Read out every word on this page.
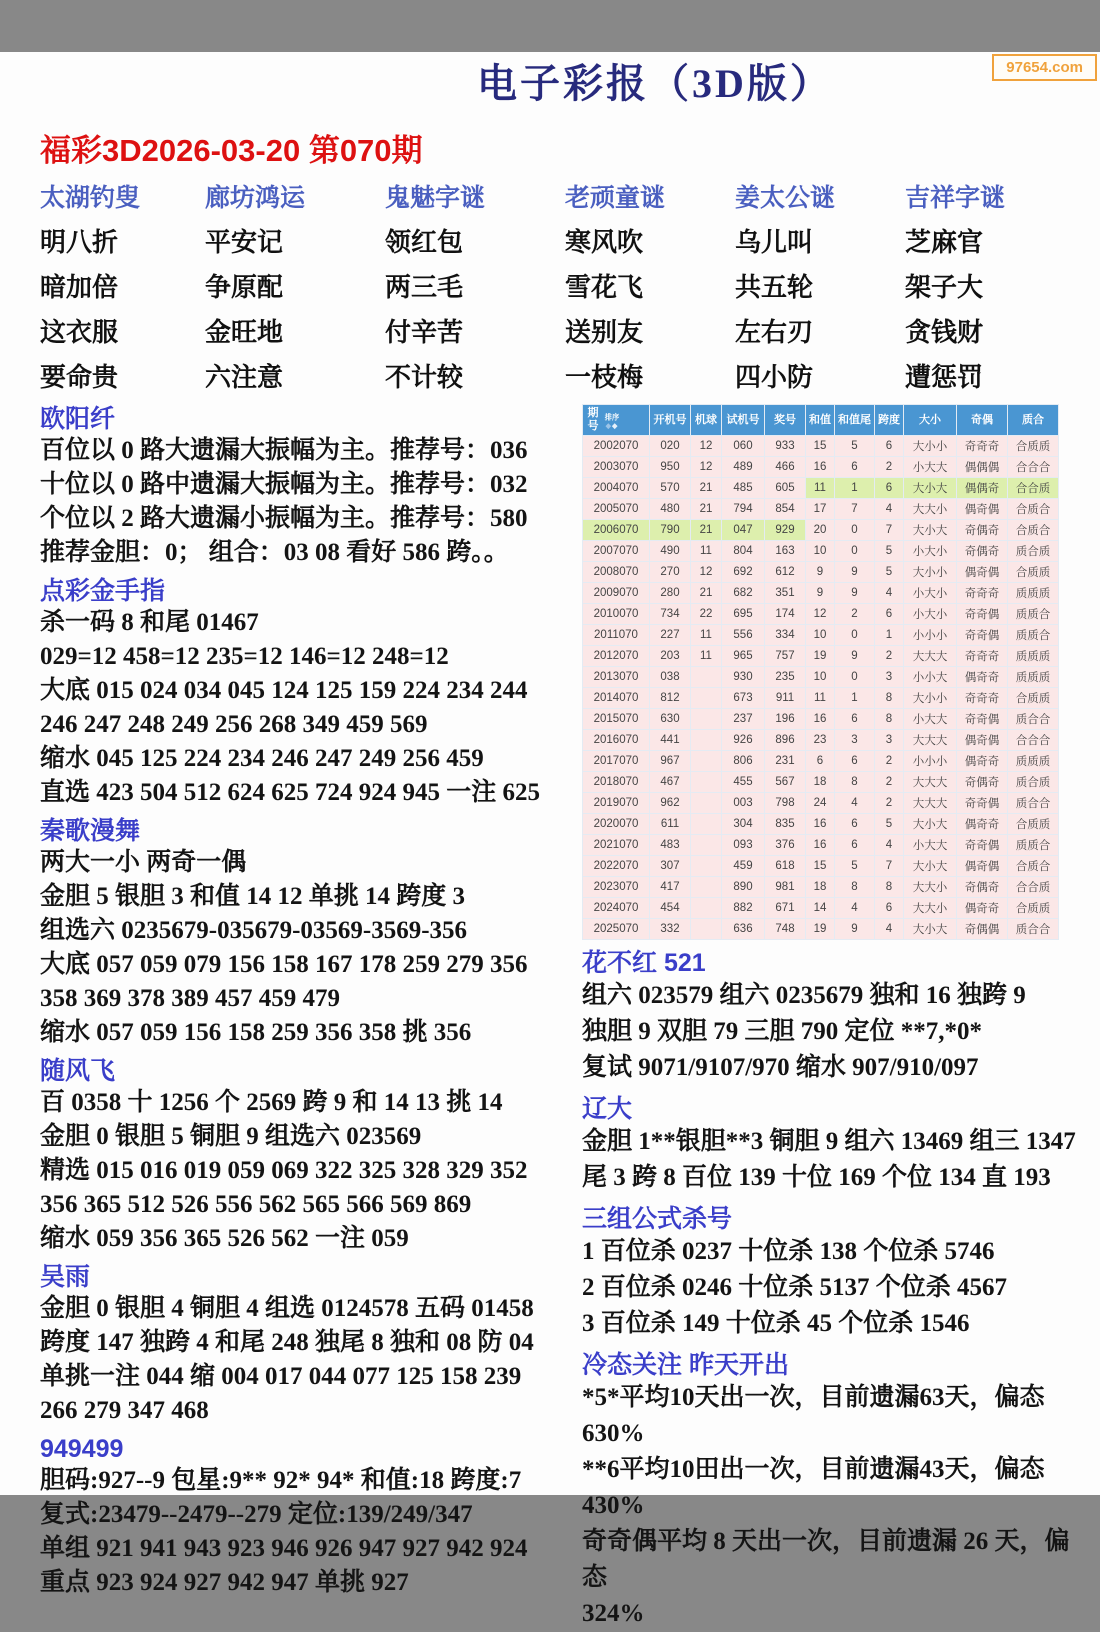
97654.com
电子彩报（3D版）
福彩3D2026-03-20 第070期
太湖钓叟
明八折
暗加倍
这衣服
要命贵
廊坊鸿运
平安记
争原配
金旺地
六注意
鬼魅字谜
领红包
两三毛
付辛苦
不计较
老顽童谜
寒风吹
雪花飞
送别友
一枝梅
姜太公谜
乌儿叫
共五轮
左右刃
四小防
吉祥字谜
芝麻官
架子大
贪钱财
遭惩罚
欧阳纤
百位以 0 路大遗漏大振幅为主。推荐号：036
十位以 0 路中遗漏大振幅为主。推荐号：032
个位以 2 路大遗漏小振幅为主。推荐号：580
推荐金胆：0； 组合：03 08 看好 586 跨。。
点彩金手指
杀一码 8 和尾 01467
029=12 458=12 235=12 146=12 248=12
大底 015 024 034 045 124 125 159 224 234 244
246 247 248 249 256 268 349 459 569
缩水 045 125 224 234 246 247 249 256 459
直选 423 504 512 624 625 724 924 945 一注 625
秦歌漫舞
两大一小 两奇一偶
金胆 5 银胆 3 和值 14 12 单挑 14 跨度 3
组选六 0235679-035679-03569-3569-356
大底 057 059 079 156 158 167 178 259 279 356
358 369 378 389 457 459 479
缩水 057 059 156 158 259 356 358 挑 356
随风飞
百 0358 十 1256 个 2569 跨 9 和 14 13 挑 14
金胆 0 银胆 5 铜胆 9 组选六 023569
精选 015 016 019 059 069 322 325 328 329 352
356 365 512 526 556 562 565 566 569 869
缩水 059 356 365 526 562 一注 059
吴雨
金胆 0 银胆 4 铜胆 4 组选 0124578 五码 01458
跨度 147 独跨 4 和尾 248 独尾 8 独和 08 防 04
单挑一注 044 缩 004 017 044 077 125 158 239
266 279 347 468
949499
胆码:927--9 包星:9** 92* 94* 和值:18 跨度:7
复式:23479--2479--279 定位:139/249/347
单组 921 941 943 923 946 926 947 927 942 924
重点 923 924 927 942 947 单挑 927
期号
排序
◆◆	开机号	机球	试机号	奖号	和值	和值尾	跨度	大小	奇偶	质合
2002070	020	12	060	933	15	5	6	大小小	奇奇奇	合质质
2003070	950	12	489	466	16	6	2	小大大	偶偶偶	合合合
2004070	570	21	485	605	11	1	6	大小大	偶偶奇	合合质
2005070	480	21	794	854	17	7	4	大大小	偶奇偶	合质合
2006070	790	21	047	929	20	0	7	大小大	奇偶奇	合质合
2007070	490	11	804	163	10	0	5	小大小	奇偶奇	质合质
2008070	270	12	692	612	9	9	5	大小小	偶奇偶	合质质
2009070	280	21	682	351	9	9	4	小大小	奇奇奇	质质质
2010070	734	22	695	174	12	2	6	小大小	奇奇偶	质质合
2011070	227	11	556	334	10	0	1	小小小	奇奇偶	质质合
2012070	203	11	965	757	19	9	2	大大大	奇奇奇	质质质
2013070	038		930	235	10	0	3	小小大	偶奇奇	质质质
2014070	812		673	911	11	1	8	大小小	奇奇奇	合质质
2015070	630		237	196	16	6	8	小大大	奇奇偶	质合合
2016070	441		926	896	23	3	3	大大大	偶奇偶	合合合
2017070	967		806	231	6	6	2	小小小	偶奇奇	质质质
2018070	467		455	567	18	8	2	大大大	奇偶奇	质合质
2019070	962		003	798	24	4	2	大大大	奇奇偶	质合合
2020070	611		304	835	16	6	5	大小大	偶奇奇	合质质
2021070	483		093	376	16	6	4	小大大	奇奇偶	质质合
2022070	307		459	618	15	5	7	大小大	偶奇偶	合质合
2023070	417		890	981	18	8	8	大大小	奇偶奇	合合质
2024070	454		882	671	14	4	6	大大小	偶奇奇	合质质
2025070	332		636	748	19	9	4	大小大	奇偶偶	质合合
花不红 521
组六 023579 组六 0235679 独和 16 独跨 9
独胆 9 双胆 79 三胆 790 定位 **7,*0*
复试 9071/9107/970 缩水 907/910/097
辽大
金胆 1**银胆**3 铜胆 9 组六 13469 组三 1347
尾 3 跨 8 百位 139 十位 169 个位 134 直 193
三组公式杀号
1 百位杀 0237 十位杀 138 个位杀 5746
2 百位杀 0246 十位杀 5137 个位杀 4567
3 百位杀 149 十位杀 45 个位杀 1546
冷态关注 昨天开出
*5*平均10天出一次，目前遗漏63天，偏态630%
**6平均10田出一次，目前遗漏43天，偏态430%
奇奇偶平均 8 天出一次，目前遗漏 26 天，偏态
324%
